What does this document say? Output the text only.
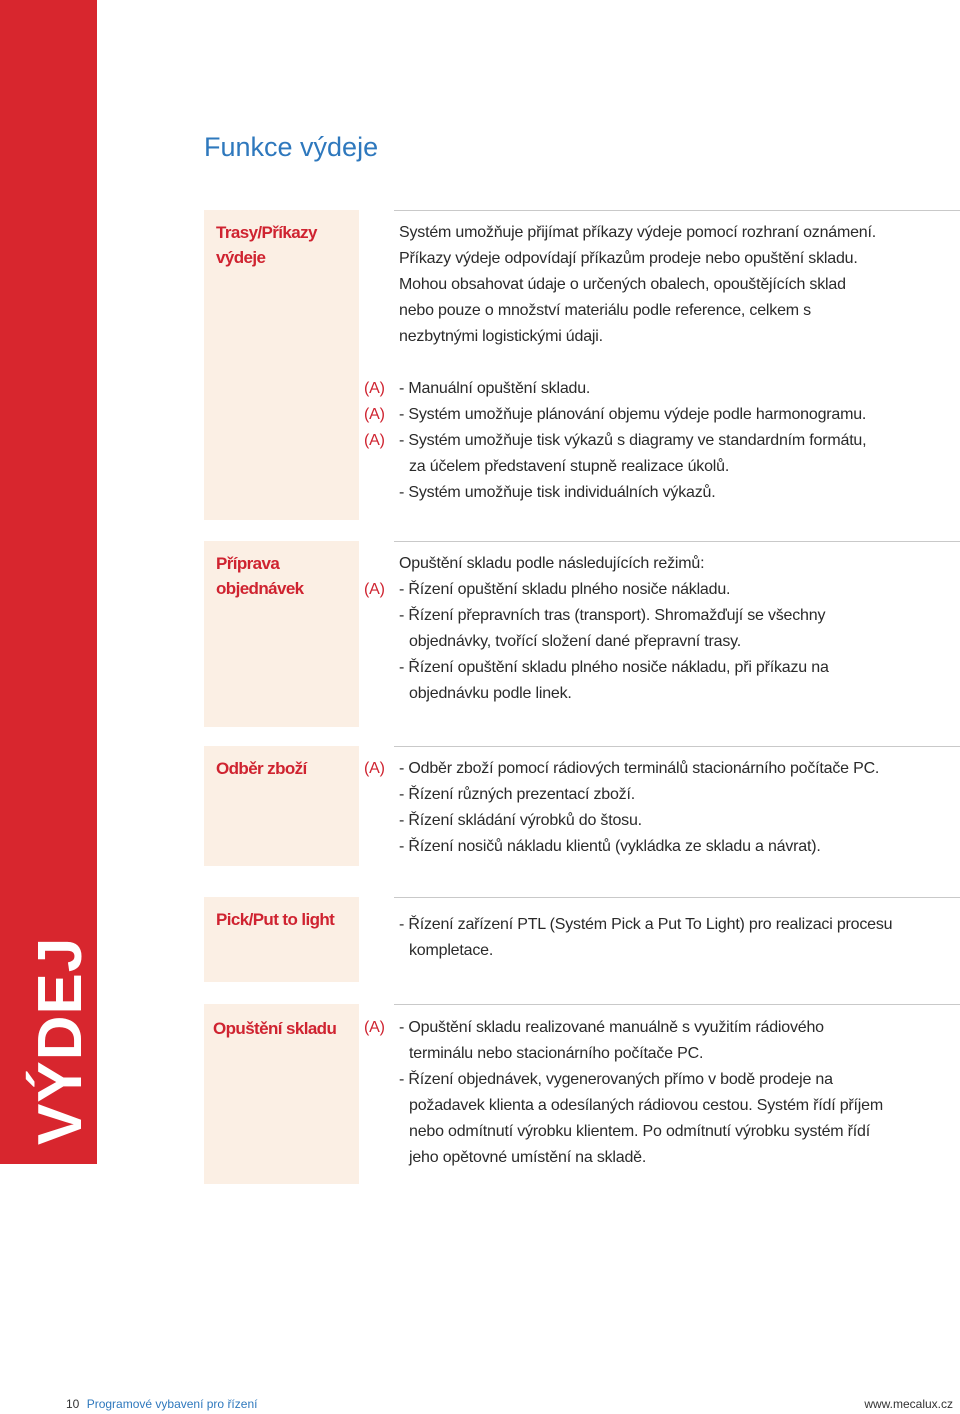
VÝDEJ
Funkce výdeje
Trasy/Příkazy výdeje
Systém umožňuje přijímat příkazy výdeje pomocí rozhraní oznámení.
Příkazy výdeje odpovídají příkazům prodeje nebo opuštění skladu.
Mohou obsahovat údaje o určených obalech, opouštějících sklad
nebo pouze o množství materiálu podle reference, celkem s
nezbytnými logistickými údaji.
(A) - Manuální opuštění skladu.
(A) - Systém umožňuje plánování objemu výdeje podle harmonogramu.
(A) - Systém umožňuje tisk výkazů s diagramy ve standardním formátu,
za účelem představení stupně realizace úkolů.
- Systém umožňuje tisk individuálních výkazů.
Příprava objednávek
Opuštění skladu podle následujících režimů:
(A) - Řízení opuštění skladu plného nosiče nákladu.
- Řízení přepravních tras (transport). Shromažďují se všechny
objednávky, tvořící složení dané přepravní trasy.
- Řízení opuštění skladu plného nosiče nákladu, při příkazu na
objednávku podle linek.
Odběr zboží	(A) - Odběr zboží pomocí rádiových terminálů stacionárního počítače PC.
- Řízení různých prezentací zboží.
- Řízení skládání výrobků do štosu.
- Řízení nosičů nákladu klientů (vykládka ze skladu a návrat).
Pick/Put to light	- Řízení zařízení PTL (Systém Pick a Put To Light) pro realizaci procesu
kompletace.
Opuštění skladu	(A) - Opuštění skladu realizované manuálně s využitím rádiového
terminálu nebo stacionárního počítače PC.
- Řízení objednávek, vygenerovaných přímo v bodě prodeje na
požadavek klienta a odesílaných rádiovou cestou. Systém řídí příjem
nebo odmítnutí výrobku klientem. Po odmítnutí výrobku systém řídí
jeho opětovné umístění na skladě.
10 Programové vybavení pro řízení	www.mecalux.cz
